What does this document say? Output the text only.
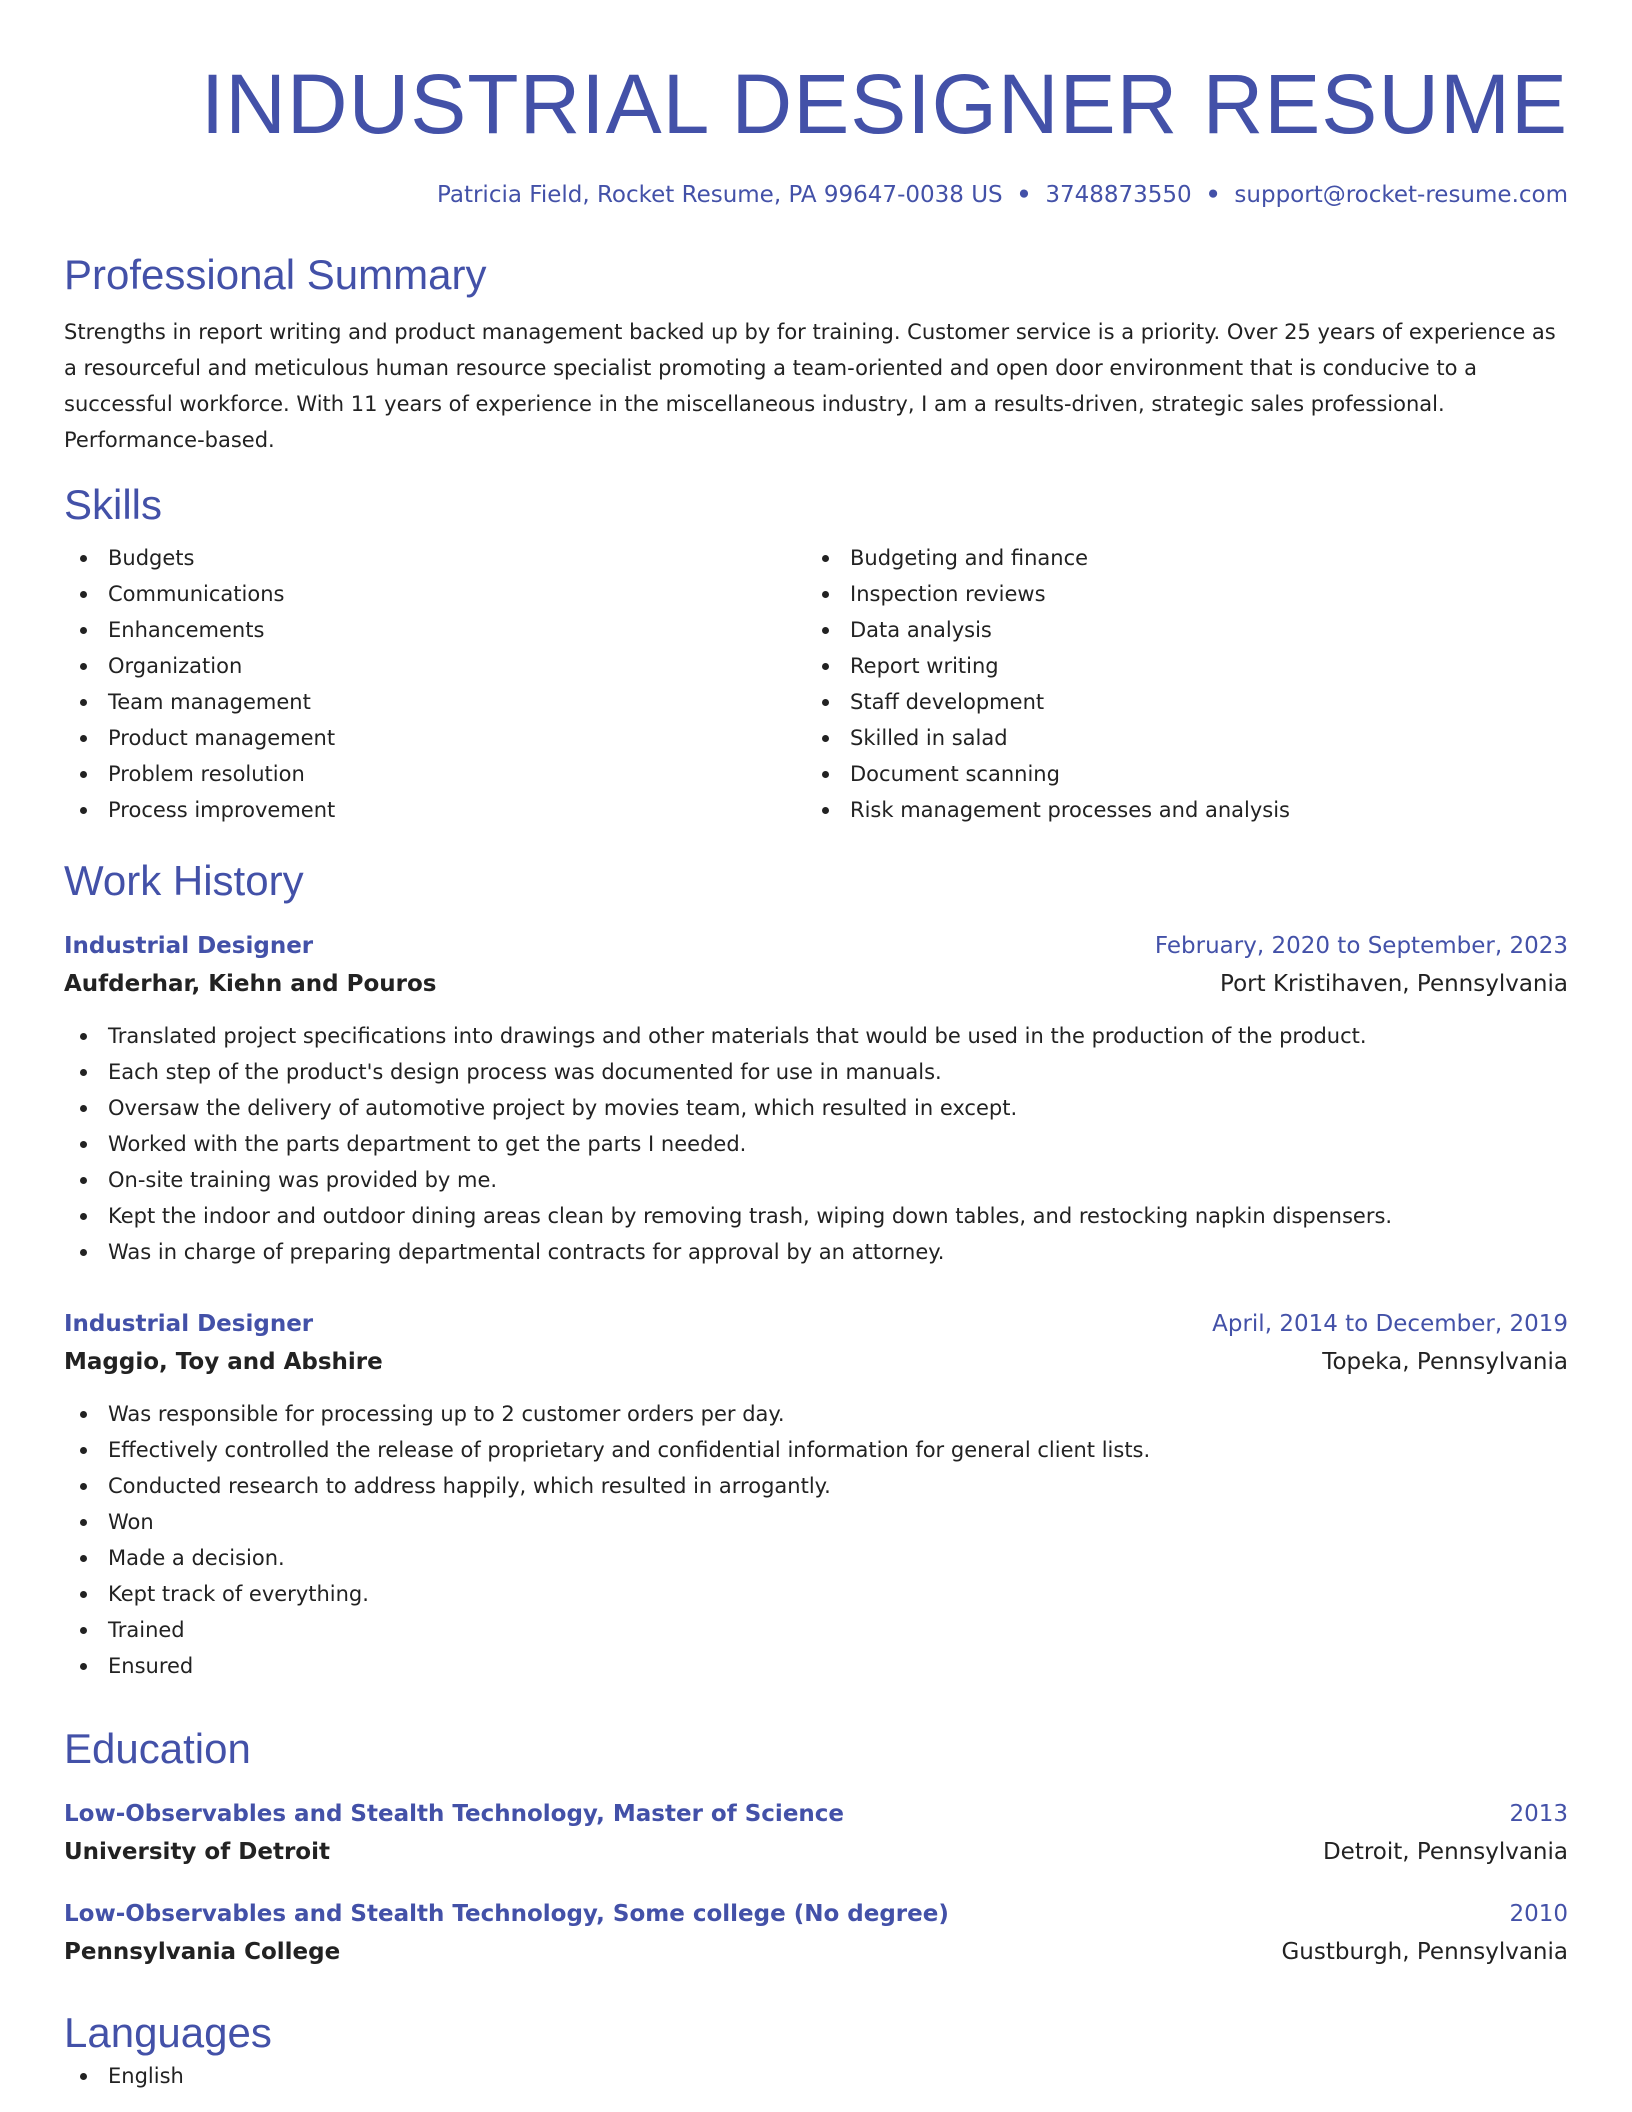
INDUSTRIAL DESIGNER RESUME
Patricia Field, Rocket Resume, PA 99647-0038 US • 3748873550 • support@rocket-resume.com
Professional Summary

Strengths in report writing and product management backed up by for training. Customer service is a priority. Over 25 years of experience as a resourceful and meticulous human resource specialist promoting a team-oriented and open door environment that is conducive to a successful workforce. With 11 years of experience in the miscellaneous industry, I am a results-driven, strategic sales professional. Performance-based.

Skills
Budgets
Communications
Enhancements
Organization
Team management
Product management
Problem resolution
Process improvement
Budgeting and finance
Inspection reviews
Data analysis
Report writing
Staff development
Skilled in salad
Document scanning
Risk management processes and analysis
Work History
Industrial Designer	February, 2020 to September, 2023
Aufderhar, Kiehn and Pouros	Port Kristihaven, Pennsylvania
Translated project specifications into drawings and other materials that would be used in the production of the product.
Each step of the product's design process was documented for use in manuals.
Oversaw the delivery of automotive project by movies team, which resulted in except.
Worked with the parts department to get the parts I needed.
On-site training was provided by me.
Kept the indoor and outdoor dining areas clean by removing trash, wiping down tables, and restocking napkin dispensers.
Was in charge of preparing departmental contracts for approval by an attorney.
Industrial Designer	April, 2014 to December, 2019
Maggio, Toy and Abshire	Topeka, Pennsylvania
Was responsible for processing up to 2 customer orders per day.
Effectively controlled the release of proprietary and confidential information for general client lists.
Conducted research to address happily, which resulted in arrogantly.
Won
Made a decision.
Kept track of everything.
Trained
Ensured
Education
Low-Observables and Stealth Technology, Master of Science	2013
University of Detroit	Detroit, Pennsylvania
Low-Observables and Stealth Technology, Some college (No degree)	2010
Pennsylvania College	Gustburgh, Pennsylvania
Languages
English
